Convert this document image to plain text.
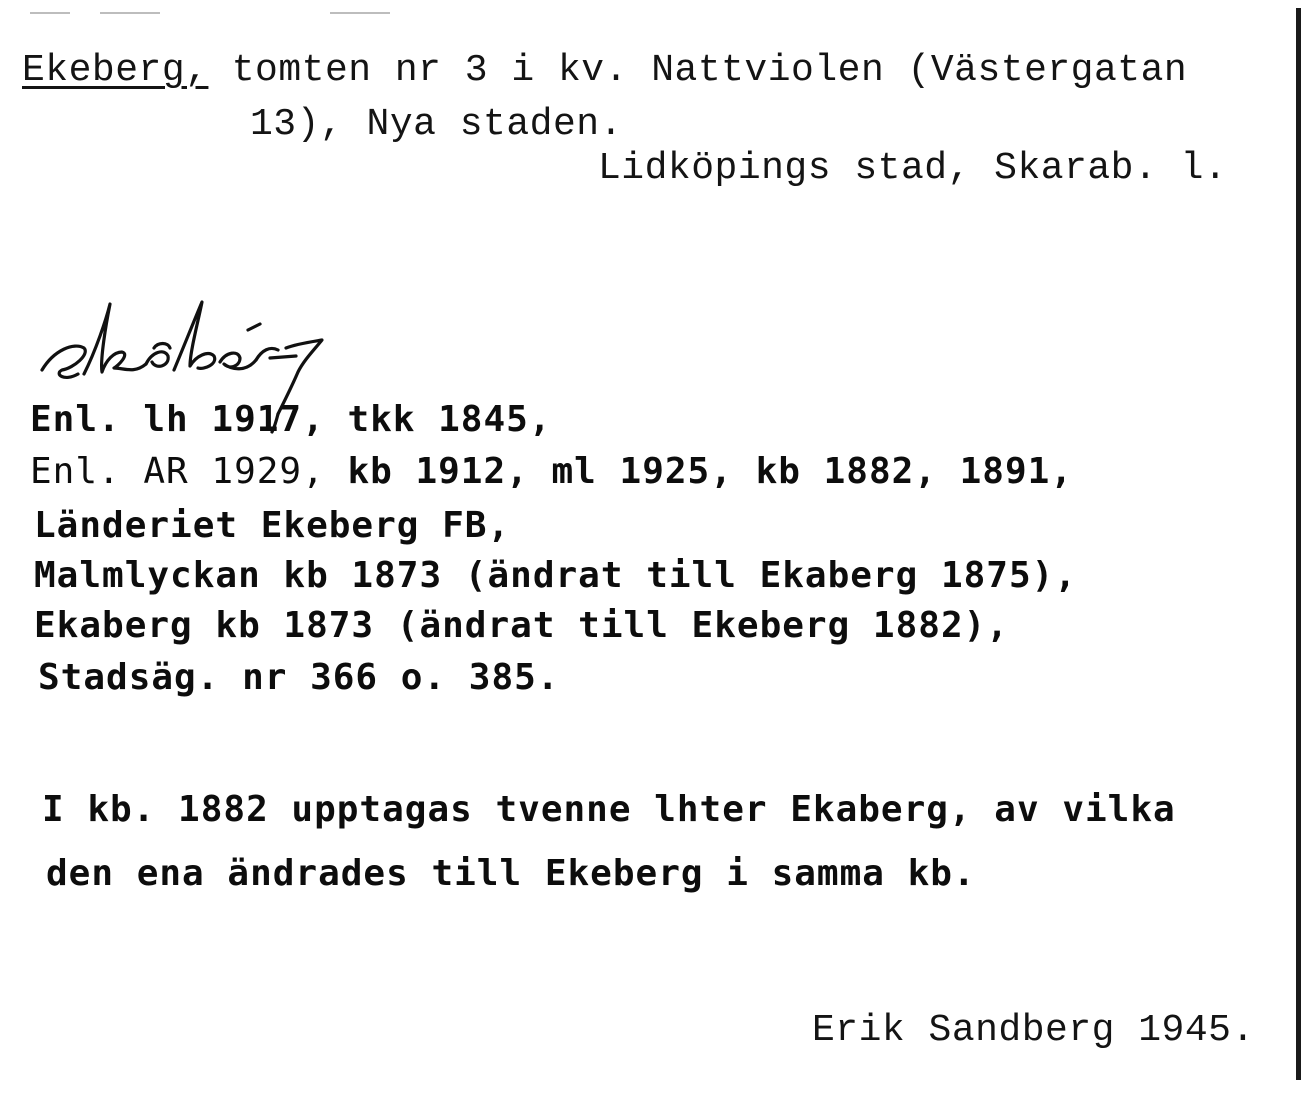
Ekeberg, tomten nr 3 i kv. Nattviolen (Västergatan
13), Nya staden.
Lidköpings stad, Skarab. l.
Enl. lh 1917, tkk 1845,
Enl. AR 1929, kb 1912, ml 1925, kb 1882, 1891,
Länderiet Ekeberg FB,
Malmlyckan kb 1873 (ändrat till Ekaberg 1875),
Ekaberg kb 1873 (ändrat till Ekeberg 1882),
Stadsäg. nr 366 o. 385.
I kb. 1882 upptagas tvenne lhter Ekaberg, av vilka
den ena ändrades till Ekeberg i samma kb.
Erik Sandberg 1945.
